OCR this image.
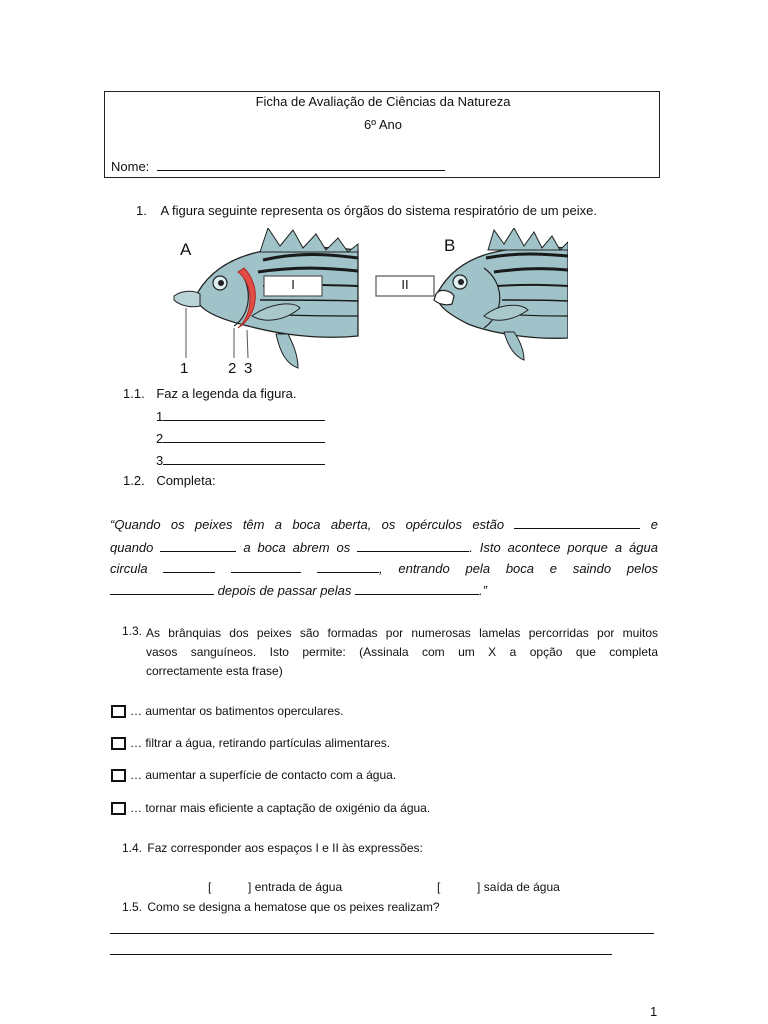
Ficha de Avaliação de Ciências da Natureza
6º Ano
Nome:
1. A figura seguinte representa os órgãos do sistema respiratório de um peixe.
A	B
I	II
1	2 3
1.1. Faz a legenda da figura.
1
2
3
1.2. Completa:
“Quando os peixes têm a boca aberta, os opérculos estão	e
quando	a boca abrem os	. Isto acontece porque a água
circula	, entrando pela boca e saindo pelos
depois de passar pelas	.”
1.3. As brânquias dos peixes são formadas por numerosas lamelas percorridas por muitos
vasos sanguíneos. Isto permite: (Assinala com um X a opção que completa
correctamente esta frase)
… aumentar os batimentos operculares.
… filtrar a água, retirando partículas alimentares.
… aumentar a superfície de contacto com a água.
… tornar mais eficiente a captação de oxigénio da água.
1.4. Faz corresponder aos espaços I e II às expressões:
[	] entrada de água	[	] saída de água
1.5. Como se designa a hematose que os peixes realizam?
1
